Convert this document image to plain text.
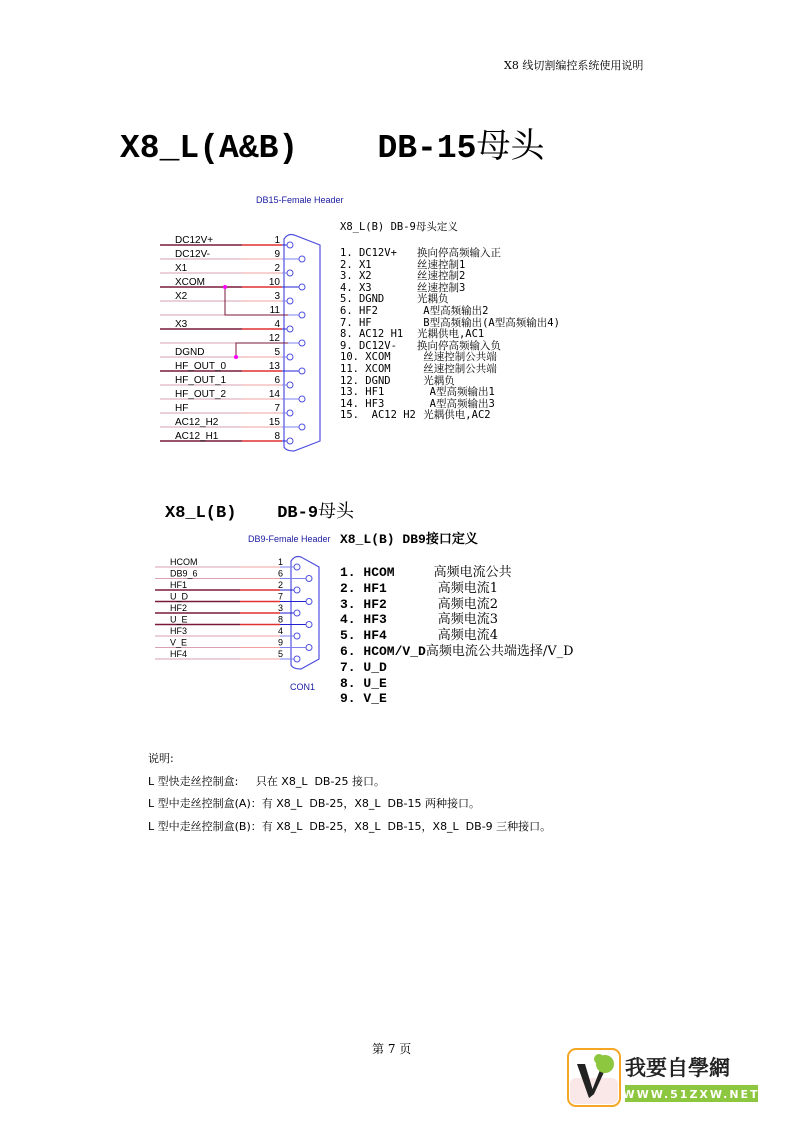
X8 线切割编控系统使用说明
X8_L(A&B)    DB-15母头
DB15-Female Header
DC12V+	1
DC12V-	9
X1	2
XCOM	10
X2	3
11
X3	4
12
DGND	5
HF_OUT_0	13
HF_OUT_1	6
HF_OUT_2	14
HF	7
AC12_H2	15
AC12_H1	8
X8_L(B) DB-9母头定义
1. DC12V+ 换向停高频输入正
2. X1	丝速控制1
3. X2	丝速控制2
4. X3	丝速控制3
5. DGND	光耦负
6. HF2	A型高频输出2
7. HF	B型高频输出(A型高频输出4)
8. AC12 H1 光耦供电,AC1
9. DC12V- 换向停高频输入负
10. XCOM	丝速控制公共端
11. XCOM	丝速控制公共端
12. DGND	光耦负
13. HF1	A型高频输出1
14. HF3	A型高频输出3
15.  AC12 H2 光耦供电,AC2
X8_L(B)    DB-9母头
DB9-Female Header
HCOM	1
DB9_6	6
HF1	2
U_D	7
HF2	3
U_E	8
HF3	4
V_E	9
HF4	5
CON1
X8_L(B) DB9接口定义
1. HCOM  高频电流公共
2. HF1	高频电流1
3. HF2	高频电流2
4. HF3	高频电流3
5. HF4	高频电流4
6. HCOM/V_D高频电流公共端选择/V_D
7. U_D
8. U_E
9. V_E
说明:
L 型快走丝控制盒:     只在 X8_L  DB-25 接口。
L 型中走丝控制盒(A)：有 X8_L  DB-25，X8_L  DB-15 两种接口。
L 型中走丝控制盒(B)：有 X8_L  DB-25，X8_L  DB-15，X8_L  DB-9 三种接口。
第 7 页
我要自學網
WWW.51ZXW.NET
